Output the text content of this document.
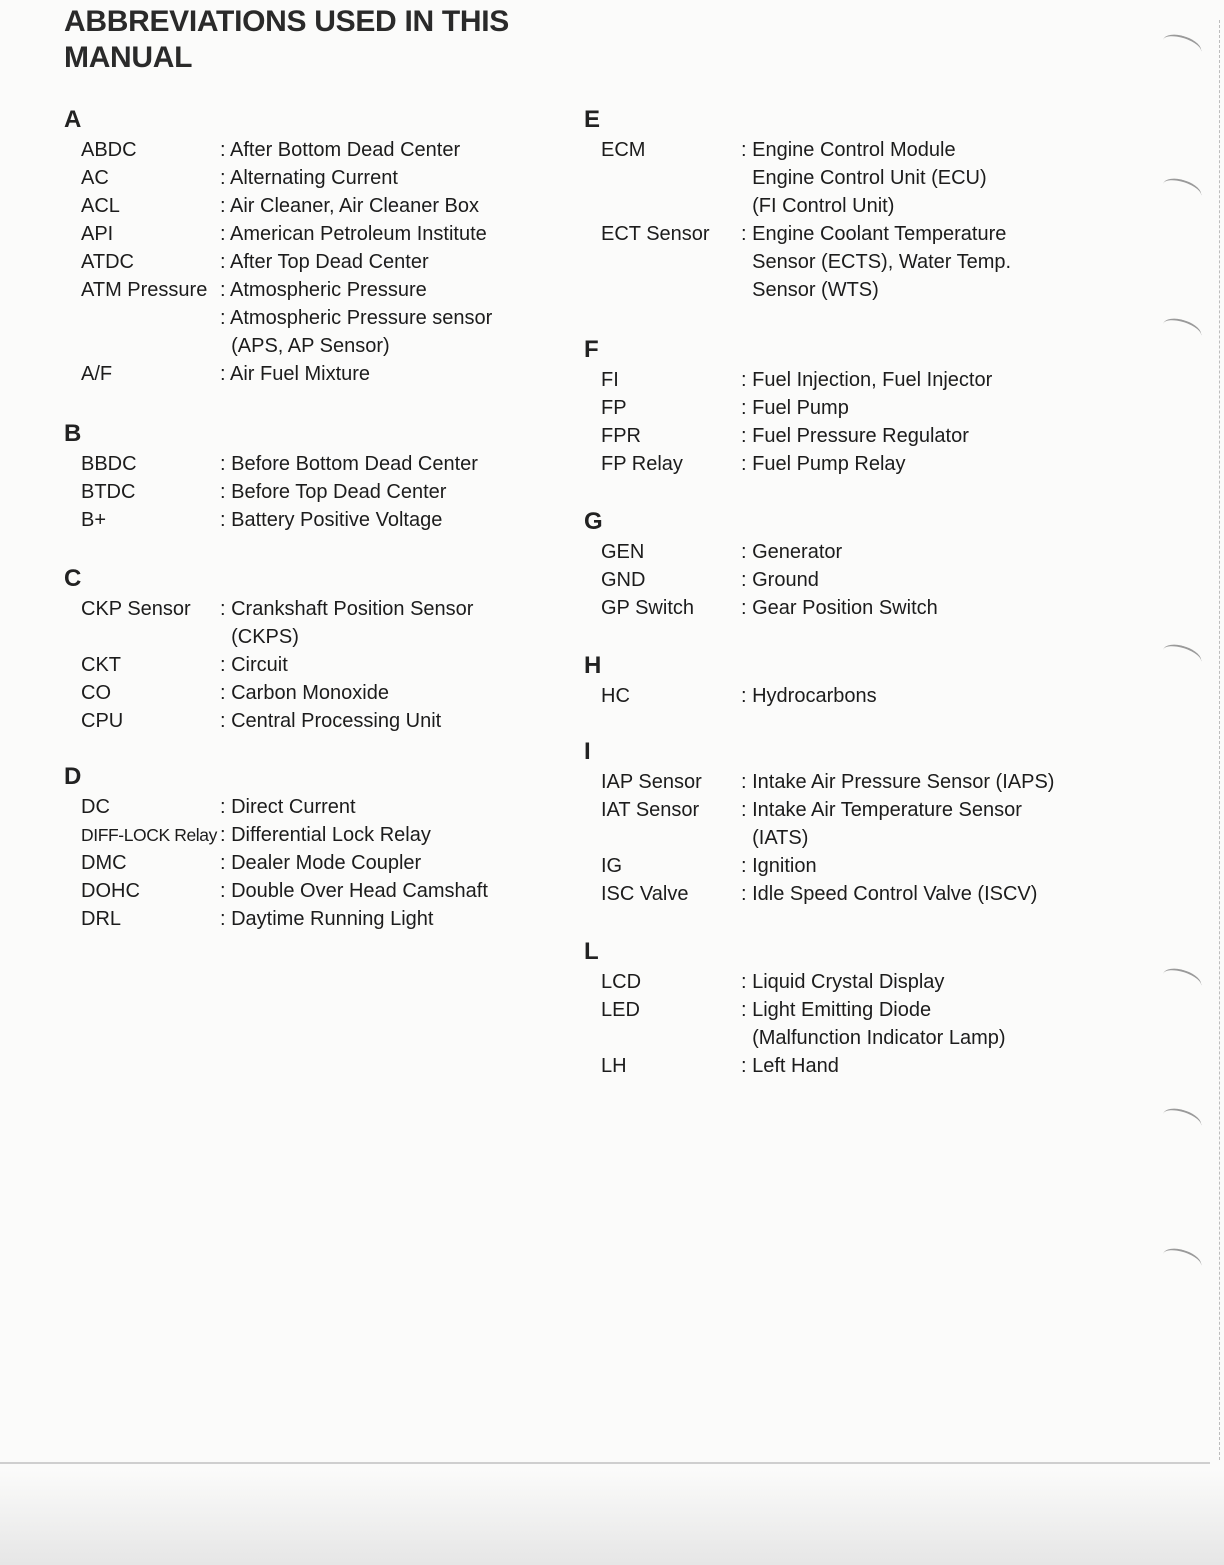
ABBREVIATIONS USED IN THIS MANUAL
A
ABDC	: After Bottom Dead Center
AC	: Alternating Current
ACL	: Air Cleaner, Air Cleaner Box
API	: American Petroleum Institute
ATDC	: After Top Dead Center
ATM Pressure : Atmospheric Pressure
: Atmospheric Pressure sensor
(APS, AP Sensor)
A/F	: Air Fuel Mixture
B
BBDC	: Before Bottom Dead Center
BTDC	: Before Top Dead Center
B+	: Battery Positive Voltage
C
CKP Sensor : Crankshaft Position Sensor
(CKPS)
CKT	: Circuit
CO	: Carbon Monoxide
CPU	: Central Processing Unit
D
DC	: Direct Current
DIFF-LOCK Relay : Differential Lock Relay
DMC	: Dealer Mode Coupler
DOHC	: Double Over Head Camshaft
DRL	: Daytime Running Light
E
ECM	: Engine Control Module
Engine Control Unit (ECU)
(FI Control Unit)
ECT Sensor : Engine Coolant Temperature
Sensor (ECTS), Water Temp.
Sensor (WTS)
F
FI	: Fuel Injection, Fuel Injector
FP	: Fuel Pump
FPR	: Fuel Pressure Regulator
FP Relay	: Fuel Pump Relay
G
GEN	: Generator
GND	: Ground
GP Switch : Gear Position Switch
H
HC	: Hydrocarbons
I
IAP Sensor : Intake Air Pressure Sensor (IAPS)
IAT Sensor : Intake Air Temperature Sensor
(IATS)
IG	: Ignition
ISC Valve	: Idle Speed Control Valve (ISCV)
L
LCD	: Liquid Crystal Display
LED	: Light Emitting Diode
(Malfunction Indicator Lamp)
LH	: Left Hand
